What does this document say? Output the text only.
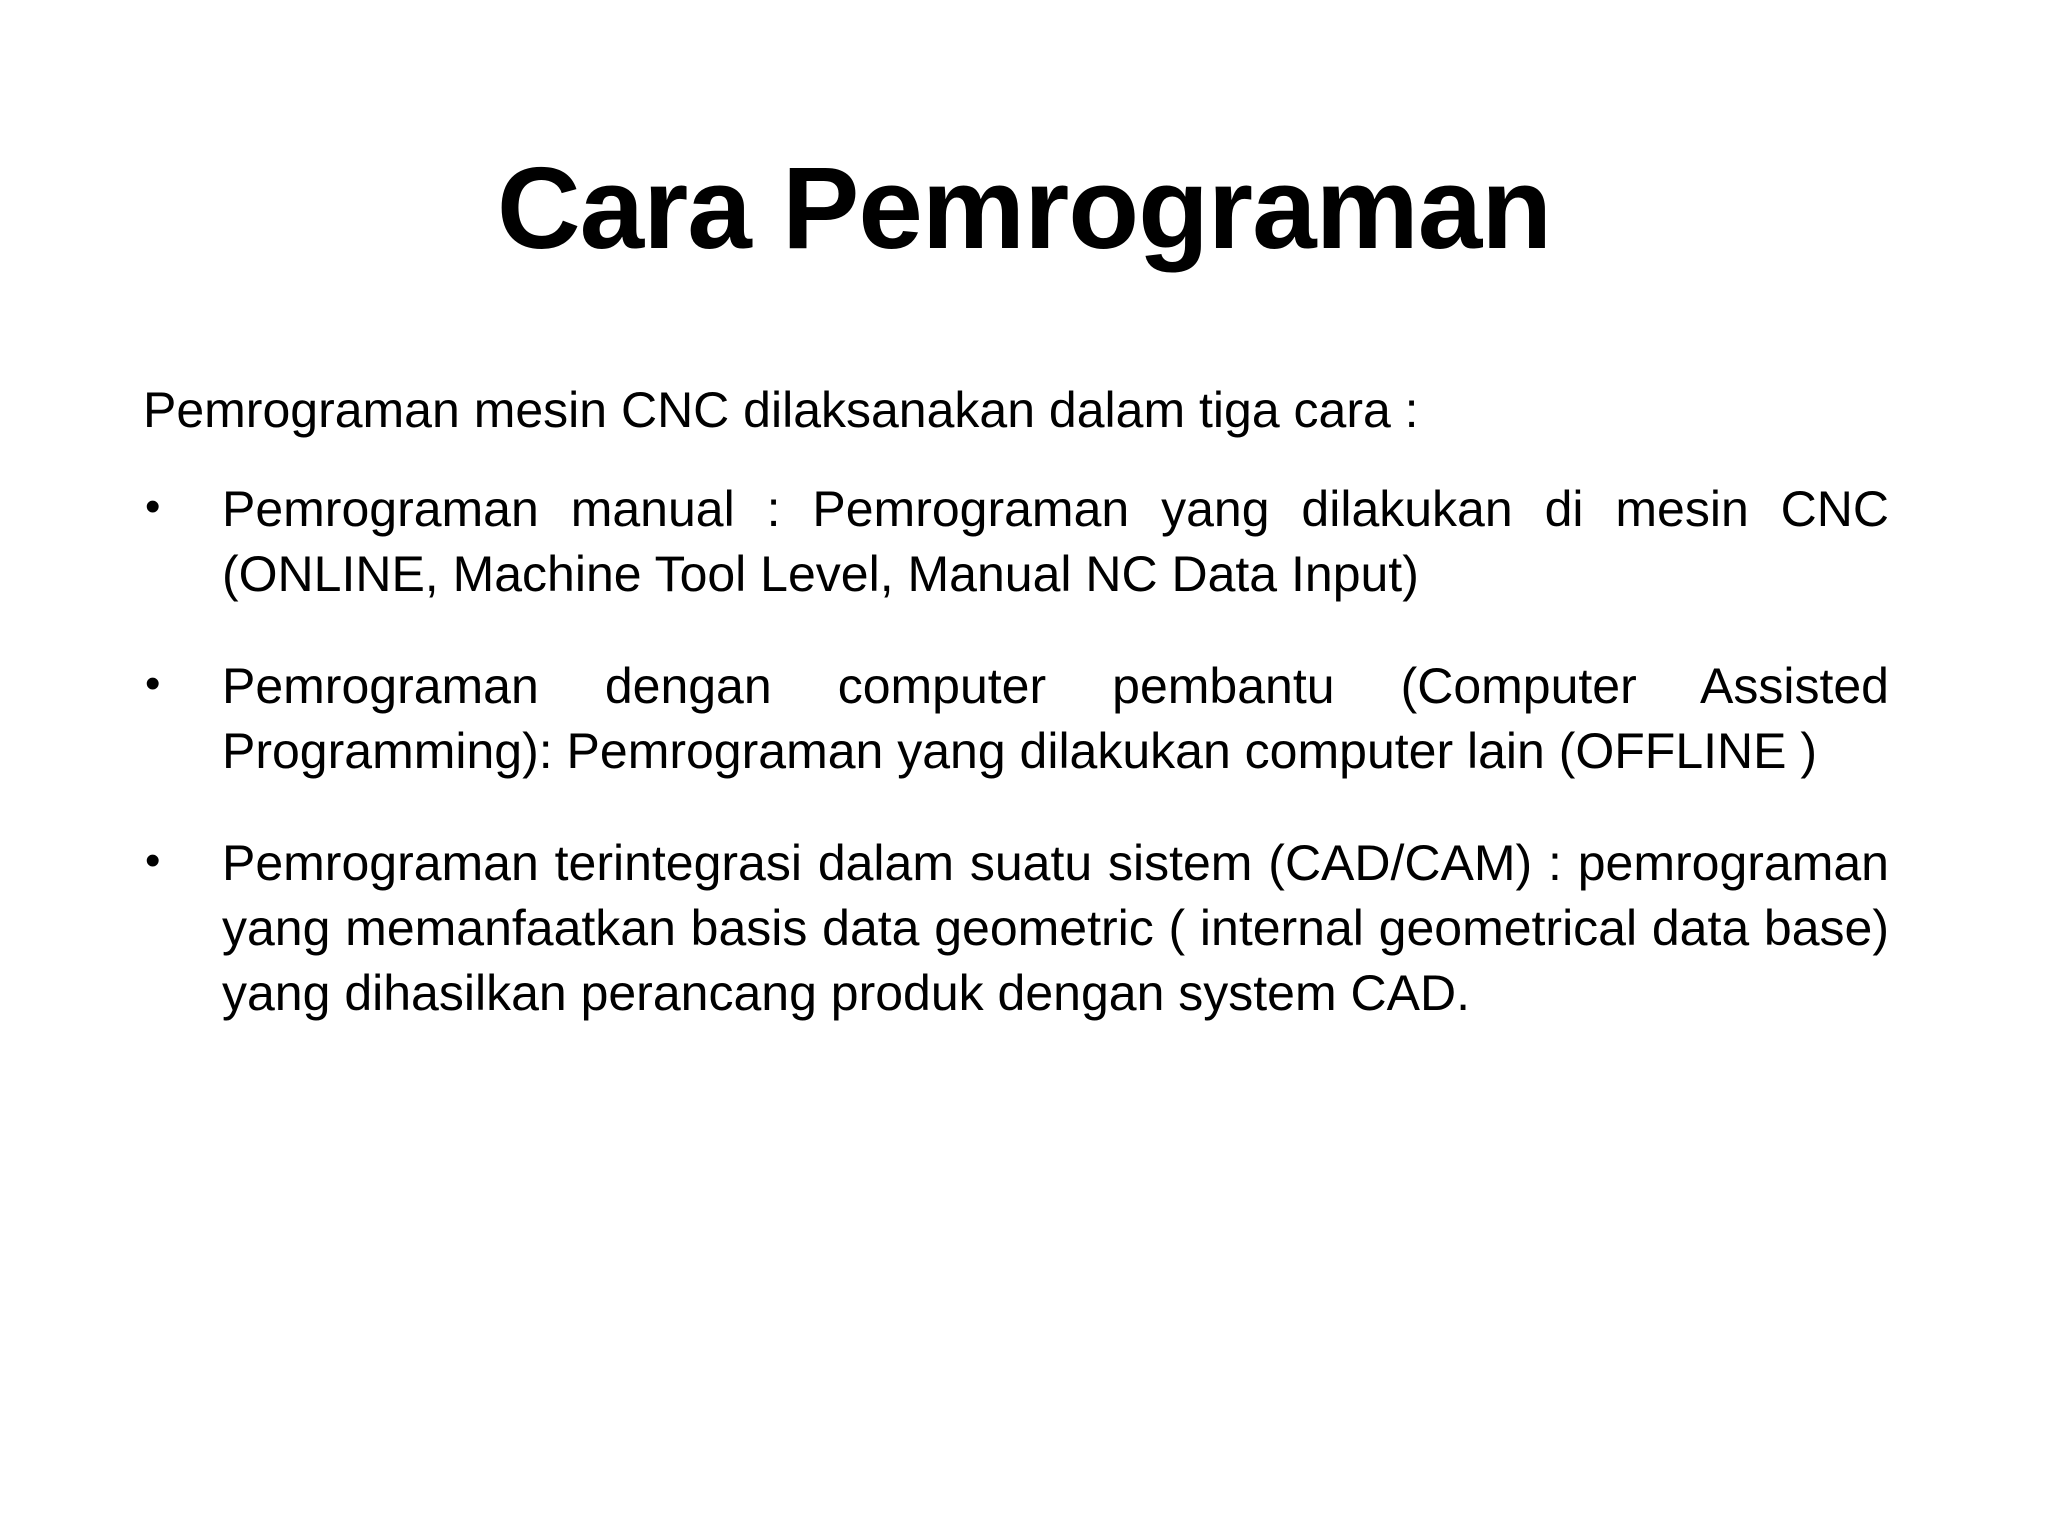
Cara Pemrograman

Pemrograman mesin CNC dilaksanakan dalam tiga cara :

• Pemrograman manual : Pemrograman yang dilakukan di mesin CNC (ONLINE, Machine Tool Level, Manual NC Data Input)
• Pemrograman dengan computer pembantu (Computer Assisted Programming): Pemrograman yang dilakukan computer lain (OFFLINE )
• Pemrograman terintegrasi dalam suatu sistem (CAD/CAM) : pemrograman yang memanfaatkan basis data geometric ( internal geometrical data base) yang dihasilkan perancang produk dengan system CAD.
